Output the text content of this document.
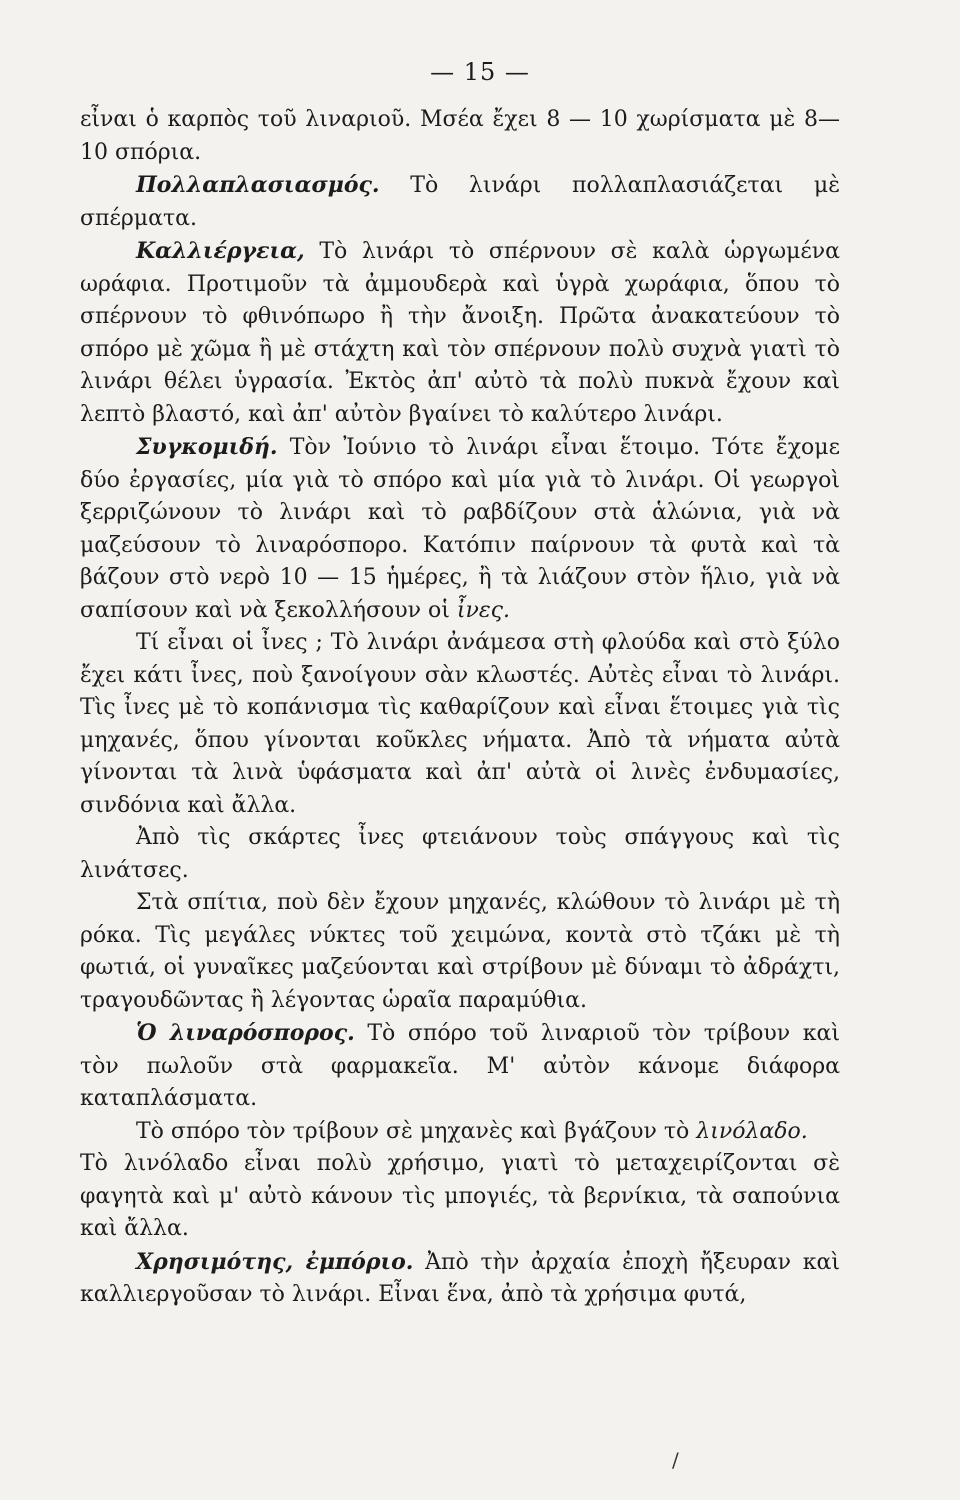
— 15 —

εἶναι ὁ καρπὸς τοῦ λιναριοῦ. Μσέα ἔχει 8 — 10 χωρίσματα μὲ 8—10 σπόρια.

Πολλαπλασιασμός. Τὸ λινάρι πολλαπλασιάζεται μὲ σπέρματα.

Καλλιέργεια, Τὸ λινάρι τὸ σπέρνουν σὲ καλὰ ὡργωμένα ωράφια. Προτιμοῦν τὰ ἀμμουδερὰ καὶ ὑγρὰ χωράφια, ὅπου τὸ σπέρνουν τὸ φθινόπωρο ἢ τὴν ἄνοιξη. Πρῶτα ἀνακατεύουν τὸ σπόρο μὲ χῶμα ἢ μὲ στάχτη καὶ τὸν σπέρνουν πολὺ συχνὰ γιατὶ τὸ λινάρι θέλει ὑγρασία. Ἐκτὸς ἀπ' αὐτὸ τὰ πολὺ πυκνὰ ἔχουν καὶ λεπτὸ βλαστό, καὶ ἀπ' αὐτὸν βγαίνει τὸ καλύτερο λινάρι.

Συγκομιδή. Τὸν Ἰούνιο τὸ λινάρι εἶναι ἕτοιμο. Τότε ἔχομε δύο ἐργασίες, μία γιὰ τὸ σπόρο καὶ μία γιὰ τὸ λινάρι. Οἱ γεωργοὶ ξερριζώνουν τὸ λινάρι καὶ τὸ ραβδίζουν στὰ ἁλώνια, γιὰ νὰ μαζεύσουν τὸ λιναρόσπορο. Κατόπιν παίρνουν τὰ φυτὰ καὶ τὰ βάζουν στὸ νερὸ 10 — 15 ἡμέρες, ἢ τὰ λιάζουν στὸν ἥλιο, γιὰ νὰ σαπίσουν καὶ νὰ ξεκολλήσουν οἱ ἶνες.

Τί εἶναι οἱ ἶνες ; Τὸ λινάρι ἀνάμεσα στὴ φλούδα καὶ στὸ ξύλο ἔχει κάτι ἶνες, ποὺ ξανοίγουν σὰν κλωστές. Αὐτὲς εἶναι τὸ λινάρι. Τὶς ἶνες μὲ τὸ κοπάνισμα τὶς καθαρίζουν καὶ εἶναι ἕτοιμες γιὰ τὶς μηχανές, ὅπου γίνονται κοῦκλες νήματα. Ἀπὸ τὰ νήματα αὐτὰ γίνονται τὰ λινὰ ὑφάσματα καὶ ἀπ' αὐτὰ οἱ λινὲς ἐνδυμασίες, σινδόνια καὶ ἄλλα.

Ἀπὸ τὶς σκάρτες ἶνες φτειάνουν τοὺς σπάγγους καὶ τὶς λινάτσες.

Στὰ σπίτια, ποὺ δὲν ἔχουν μηχανές, κλώθουν τὸ λινάρι μὲ τὴ ρόκα. Τὶς μεγάλες νύκτες τοῦ χειμώνα, κοντὰ στὸ τζάκι μὲ τὴ φωτιά, οἱ γυναῖκες μαζεύονται καὶ στρίβουν μὲ δύναμι τὸ ἀδράχτι, τραγουδῶντας ἢ λέγοντας ὡραῖα παραμύθια.

Ὁ λιναρόσπορος. Τὸ σπόρο τοῦ λιναριοῦ τὸν τρίβουν καὶ τὸν πωλοῦν στὰ φαρμακεῖα. Μ' αὐτὸν κάνομε διάφορα καταπλάσματα.

Τὸ σπόρο τὸν τρίβουν σὲ μηχανὲς καὶ βγάζουν τὸ λινόλαδο.

Τὸ λινόλαδο εἶναι πολὺ χρήσιμο, γιατὶ τὸ μεταχειρίζονται σὲ φαγητὰ καὶ μ' αὐτὸ κάνουν τὶς μπογιές, τὰ βερνίκια, τὰ σαπούνια καὶ ἄλλα.

Χρησιμότης, ἐμπόριο. Ἀπὸ τὴν ἀρχαία ἐποχὴ ἤξευραν καὶ καλλιεργοῦσαν τὸ λινάρι. Εἶναι ἕνα, ἀπὸ τὰ χρήσιμα φυτά,

/
